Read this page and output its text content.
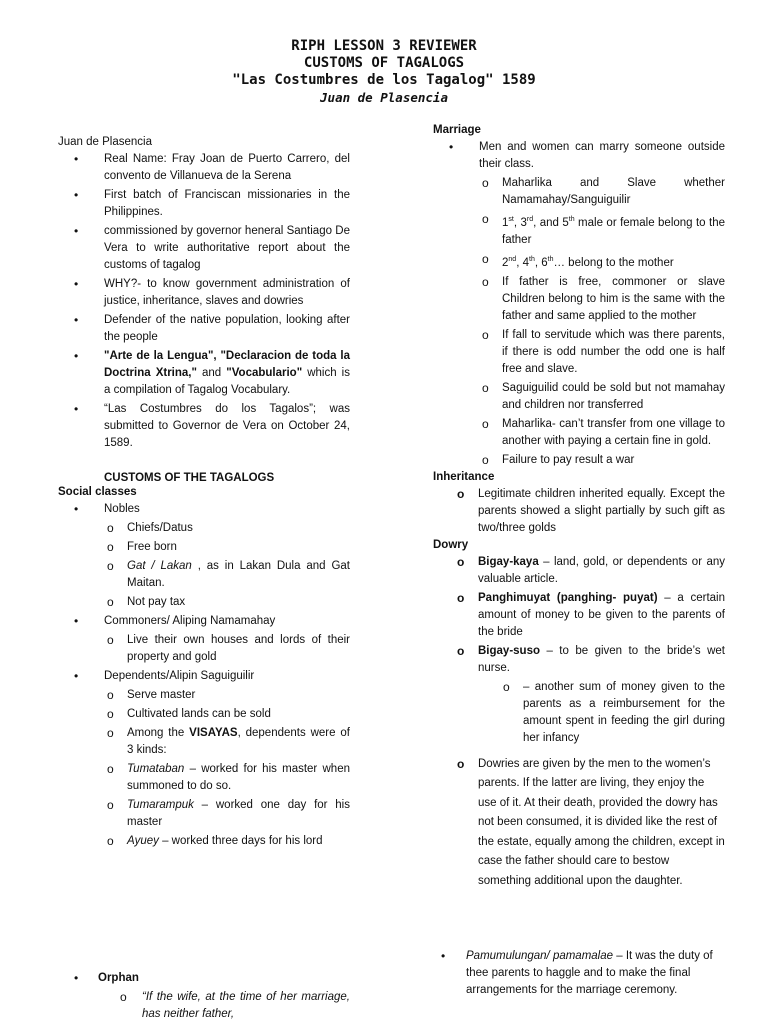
RIPH LESSON 3 REVIEWER
CUSTOMS OF TAGALOGS
"Las Costumbres de los Tagalog" 1589
Juan de Plasencia
Juan de Plasencia
• Real Name: Fray Joan de Puerto Carrero, del convento de Villanueva de la Serena
• First batch of Franciscan missionaries in the Philippines.
• commissioned by governor heneral Santiago De Vera to write authoritative report about the customs of tagalog
• WHY?- to know government administration of justice, inheritance, slaves and dowries
• Defender of the native population, looking after the people
• "Arte de la Lengua", "Declaracion de toda la Doctrina Xtrina," and "Vocabulario" which is a compilation of Tagalog Vocabulary.
• “Las Costumbres do los Tagalos”; was submitted to Governor de Vera on October 24, 1589.
CUSTOMS OF THE TAGALOGS
Social classes
• Nobles
o Chiefs/Datus
o Free born
o Gat / Lakan , as in Lakan Dula and Gat Maitan.
o Not pay tax
• Commoners/ Aliping Namamahay
o Live their own houses and lords of their property and gold
• Dependents/Alipin Saguiguilir
o Serve master
o Cultivated lands can be sold
o Among the VISAYAS, dependents were of 3 kinds:
o Tumataban – worked for his master when summoned to do so.
o Tumarampuk – worked one day for his master
o Ayuey – worked three days for his lord
• Orphan
o “If the wife, at the time of her marriage, has neither father,
Marriage
• Men and women can marry someone outside their class.
o Maharlika and Slave whether Namamahay/Sanguiguilir
o 1st, 3rd, and 5th male or female belong to the father
o 2nd, 4th, 6th… belong to the mother
o If father is free, commoner or slave Children belong to him is the same with the father and same applied to the mother
o If fall to servitude which was there parents, if there is odd number the odd one is half free and slave.
o Saguiguilid could be sold but not mamahay and children nor transferred
o Maharlika- can’t transfer from one village to another with paying a certain fine in gold.
o Failure to pay result a war
Inheritance
o Legitimate children inherited equally. Except the parents showed a slight partially by such gift as two/three golds
Dowry
o Bigay-kaya – land, gold, or dependents or any valuable article.
o Panghimuyat (panghing- puyat) – a certain amount of money to be given to the parents of the bride
o Bigay-suso – to be given to the bride’s wet nurse.
o – another sum of money given to the parents as a reimbursement for the amount spent in feeding the girl during her infancy
o Dowries are given by the men to the women’s parents. If the latter are living, they enjoy the use of it. At their death, provided the dowry has not been consumed, it is divided like the rest of the estate, equally among the children, except in case the father should care to bestow something additional upon the daughter.
• Pamumulungan/ pamamalae – It was the duty of thee parents to haggle and to make the final arrangements for the marriage ceremony.
